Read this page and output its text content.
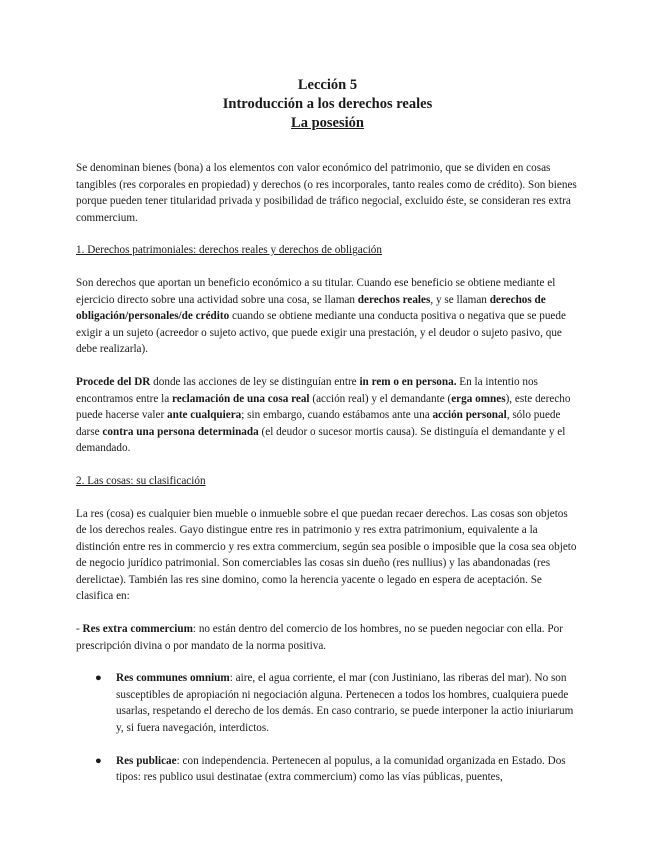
Lección 5
Introducción a los derechos reales
La posesión

Se denominan bienes (bona) a los elementos con valor económico del patrimonio, que se dividen en cosas tangibles (res corporales en propiedad) y derechos (o res incorporales, tanto reales como de crédito). Son bienes porque pueden tener titularidad privada y posibilidad de tráfico negocial, excluido éste, se consideran res extra commercium.

1. Derechos patrimoniales: derechos reales y derechos de obligación

Son derechos que aportan un beneficio económico a su titular. Cuando ese beneficio se obtiene mediante el ejercicio directo sobre una actividad sobre una cosa, se llaman derechos reales, y se llaman derechos de obligación/personales/de crédito cuando se obtiene mediante una conducta positiva o negativa que se puede exigir a un sujeto (acreedor o sujeto activo, que puede exigir una prestación, y el deudor o sujeto pasivo, que debe realizarla).

Procede del DR donde las acciones de ley se distinguían entre in rem o en persona. En la intentio nos encontramos entre la reclamación de una cosa real (acción real) y el demandante (erga omnes), este derecho puede hacerse valer ante cualquiera; sin embargo, cuando estábamos ante una acción personal, sólo puede darse contra una persona determinada (el deudor o sucesor mortis causa). Se distinguía el demandante y el demandado.

2. Las cosas: su clasificación

La res (cosa) es cualquier bien mueble o inmueble sobre el que puedan recaer derechos. Las cosas son objetos de los derechos reales. Gayo distingue entre res in patrimonio y res extra patrimonium, equivalente a la distinción entre res in commercio y res extra commercium, según sea posible o imposible que la cosa sea objeto de negocio jurídico patrimonial. Son comerciables las cosas sin dueño (res nullius) y las abandonadas (res derelictae). También las res sine domino, como la herencia yacente o legado en espera de aceptación. Se clasifica en:

- Res extra commercium: no están dentro del comercio de los hombres, no se pueden negociar con ella. Por prescripción divina o por mandato de la norma positiva.

● Res communes omnium: aire, el agua corriente, el mar (con Justiniano, las riberas del mar). No son susceptibles de apropiación ni negociación alguna. Pertenecen a todos los hombres, cualquiera puede usarlas, respetando el derecho de los demás. En caso contrario, se puede interponer la actio iniuriarum y, si fuera navegación, interdictos.
● Res publicae: con independencia. Pertenecen al populus, a la comunidad organizada en Estado. Dos tipos: res publico usui destinatae (extra commercium) como las vías públicas, puentes,
